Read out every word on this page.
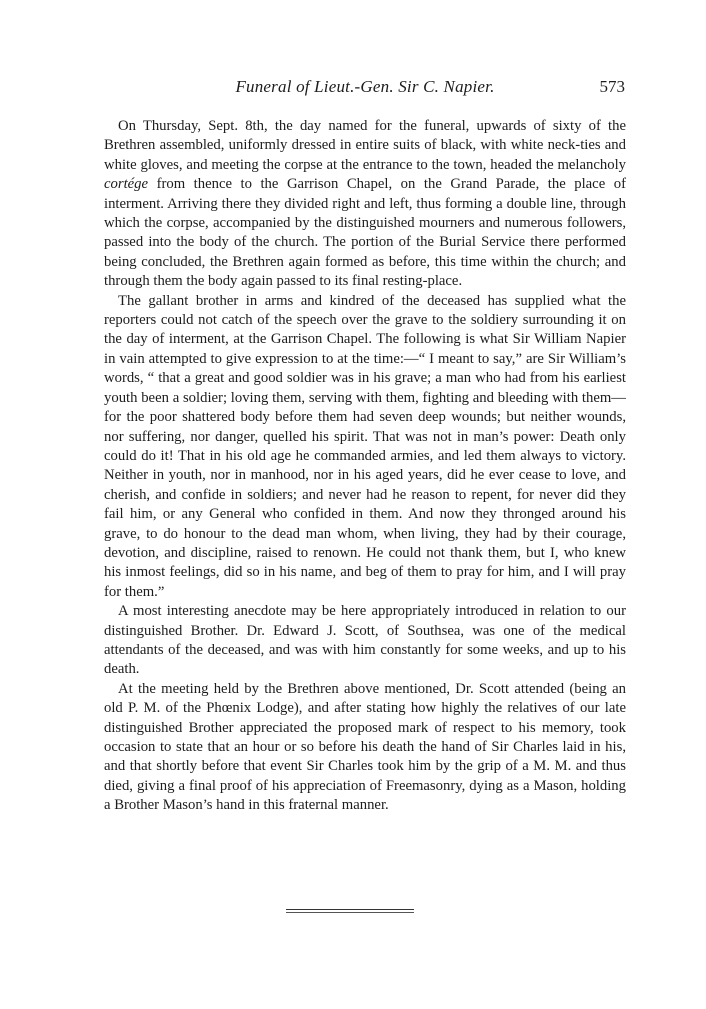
Funeral of Lieut.-Gen. Sir C. Napier.	573

On Thursday, Sept. 8th, the day named for the funeral, upwards of sixty of the Brethren assembled, uniformly dressed in entire suits of black, with white neck-ties and white gloves, and meeting the corpse at the entrance to the town, headed the melancholy cortége from thence to the Garrison Chapel, on the Grand Parade, the place of interment. Arriving there they divided right and left, thus forming a double line, through which the corpse, accompanied by the distinguished mourners and numerous followers, passed into the body of the church. The portion of the Burial Service there performed being concluded, the Brethren again formed as before, this time within the church; and through them the body again passed to its final resting-place.

The gallant brother in arms and kindred of the deceased has supplied what the reporters could not catch of the speech over the grave to the soldiery surrounding it on the day of interment, at the Garrison Chapel. The following is what Sir William Napier in vain attempted to give expression to at the time:—“ I meant to say,” are Sir William’s words, “ that a great and good soldier was in his grave; a man who had from his earliest youth been a soldier; loving them, serving with them, fighting and bleeding with them—for the poor shattered body before them had seven deep wounds; but neither wounds, nor suffering, nor danger, quelled his spirit. That was not in man’s power: Death only could do it! That in his old age he commanded armies, and led them always to victory. Neither in youth, nor in manhood, nor in his aged years, did he ever cease to love, and cherish, and confide in soldiers; and never had he reason to repent, for never did they fail him, or any General who confided in them. And now they thronged around his grave, to do honour to the dead man whom, when living, they had by their courage, devotion, and discipline, raised to renown. He could not thank them, but I, who knew his inmost feelings, did so in his name, and beg of them to pray for him, and I will pray for them.”

A most interesting anecdote may be here appropriately introduced in relation to our distinguished Brother. Dr. Edward J. Scott, of Southsea, was one of the medical attendants of the deceased, and was with him constantly for some weeks, and up to his death.

At the meeting held by the Brethren above mentioned, Dr. Scott attended (being an old P. M. of the Phœnix Lodge), and after stating how highly the relatives of our late distinguished Brother appreciated the proposed mark of respect to his memory, took occasion to state that an hour or so before his death the hand of Sir Charles laid in his, and that shortly before that event Sir Charles took him by the grip of a M. M. and thus died, giving a final proof of his appreciation of Freemasonry, dying as a Mason, holding a Brother Mason’s hand in this fraternal manner.
